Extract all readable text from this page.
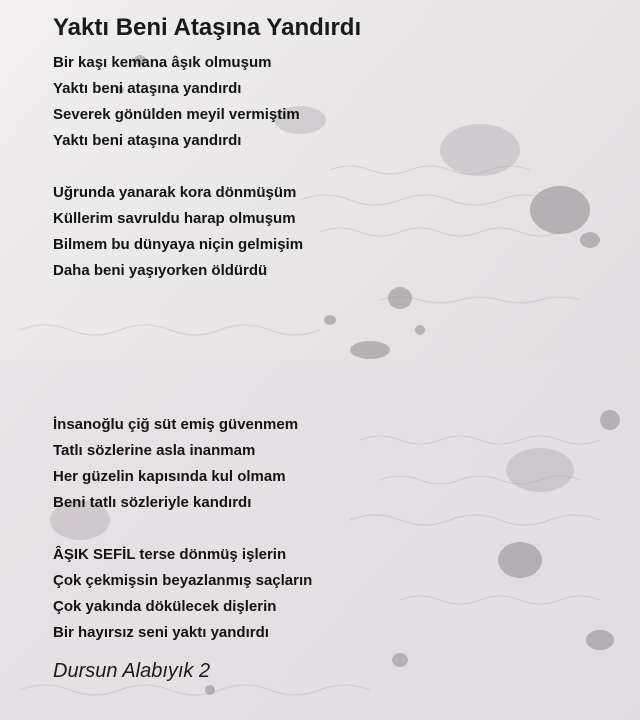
Yaktı Beni Ataşına Yandırdı
Bir kaşı kemana âşık olmuşum
Yaktı beni ataşına yandırdı
Severek gönülden meyil vermiştim
Yaktı beni ataşına yandırdı
Uğrunda yanarak kora dönmüşüm
Küllerim savruldu harap olmuşum
Bilmem bu dünyaya niçin gelmişim
Daha beni yaşıyorken öldürdü
İnsanoğlu çiğ süt emiş güvenmem
Tatlı sözlerine asla inanmam
Her güzelin kapısında kul olmam
Beni tatlı sözleriyle kandırdı
ÂŞIK SEFİL terse dönmüş işlerin
Çok çekmişsin beyazlanmış saçların
Çok yakında dökülecek dişlerin
Bir hayırsız seni yaktı yandırdı
Dursun Alabıyık 2
